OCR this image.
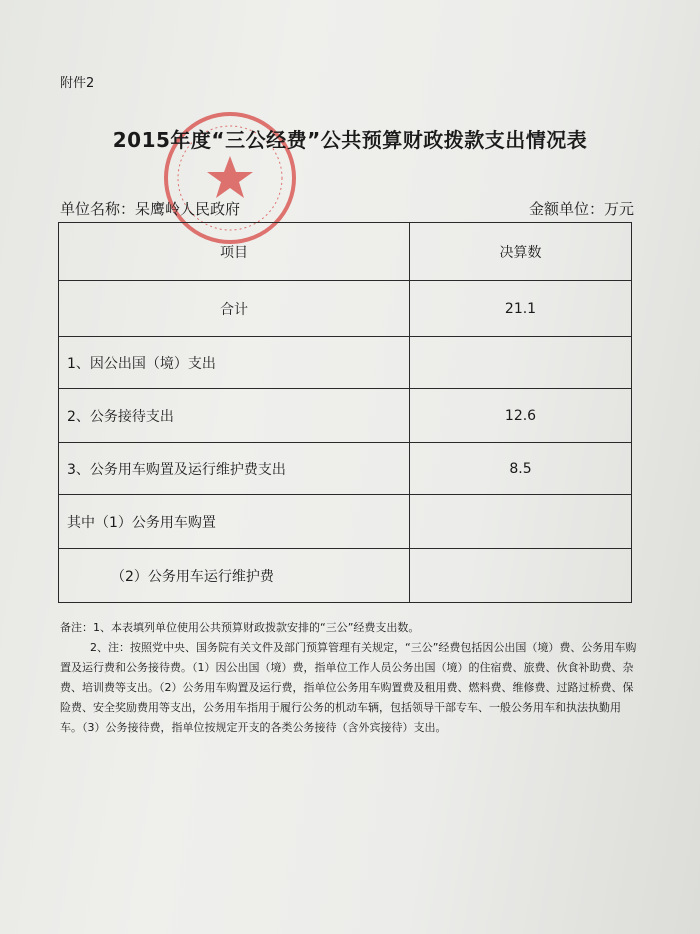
附件2
2015年度“三公经费”公共预算财政拨款支出情况表
单位名称：呆鹰岭人民政府	金额单位：万元
项目	决算数
合计	21.1
1、因公出国（境）支出	
2、公务接待支出	12.6
3、公务用车购置及运行维护费支出	8.5
其中（1）公务用车购置	
（2）公务用车运行维护费	

备注：1、本表填列单位使用公共预算财政拨款安排的“三公”经费支出数。

2、注：按照党中央、国务院有关文件及部门预算管理有关规定，“三公”经费包括因公出国（境）费、公务用车购置及运行费和公务接待费。（1）因公出国（境）费，指单位工作人员公务出国（境）的住宿费、旅费、伙食补助费、杂费、培训费等支出。（2）公务用车购置及运行费，指单位公务用车购置费及租用费、燃料费、维修费、过路过桥费、保险费、安全奖励费用等支出，公务用车指用于履行公务的机动车辆，包括领导干部专车、一般公务用车和执法执勤用车。（3）公务接待费，指单位按规定开支的各类公务接待（含外宾接待）支出。
